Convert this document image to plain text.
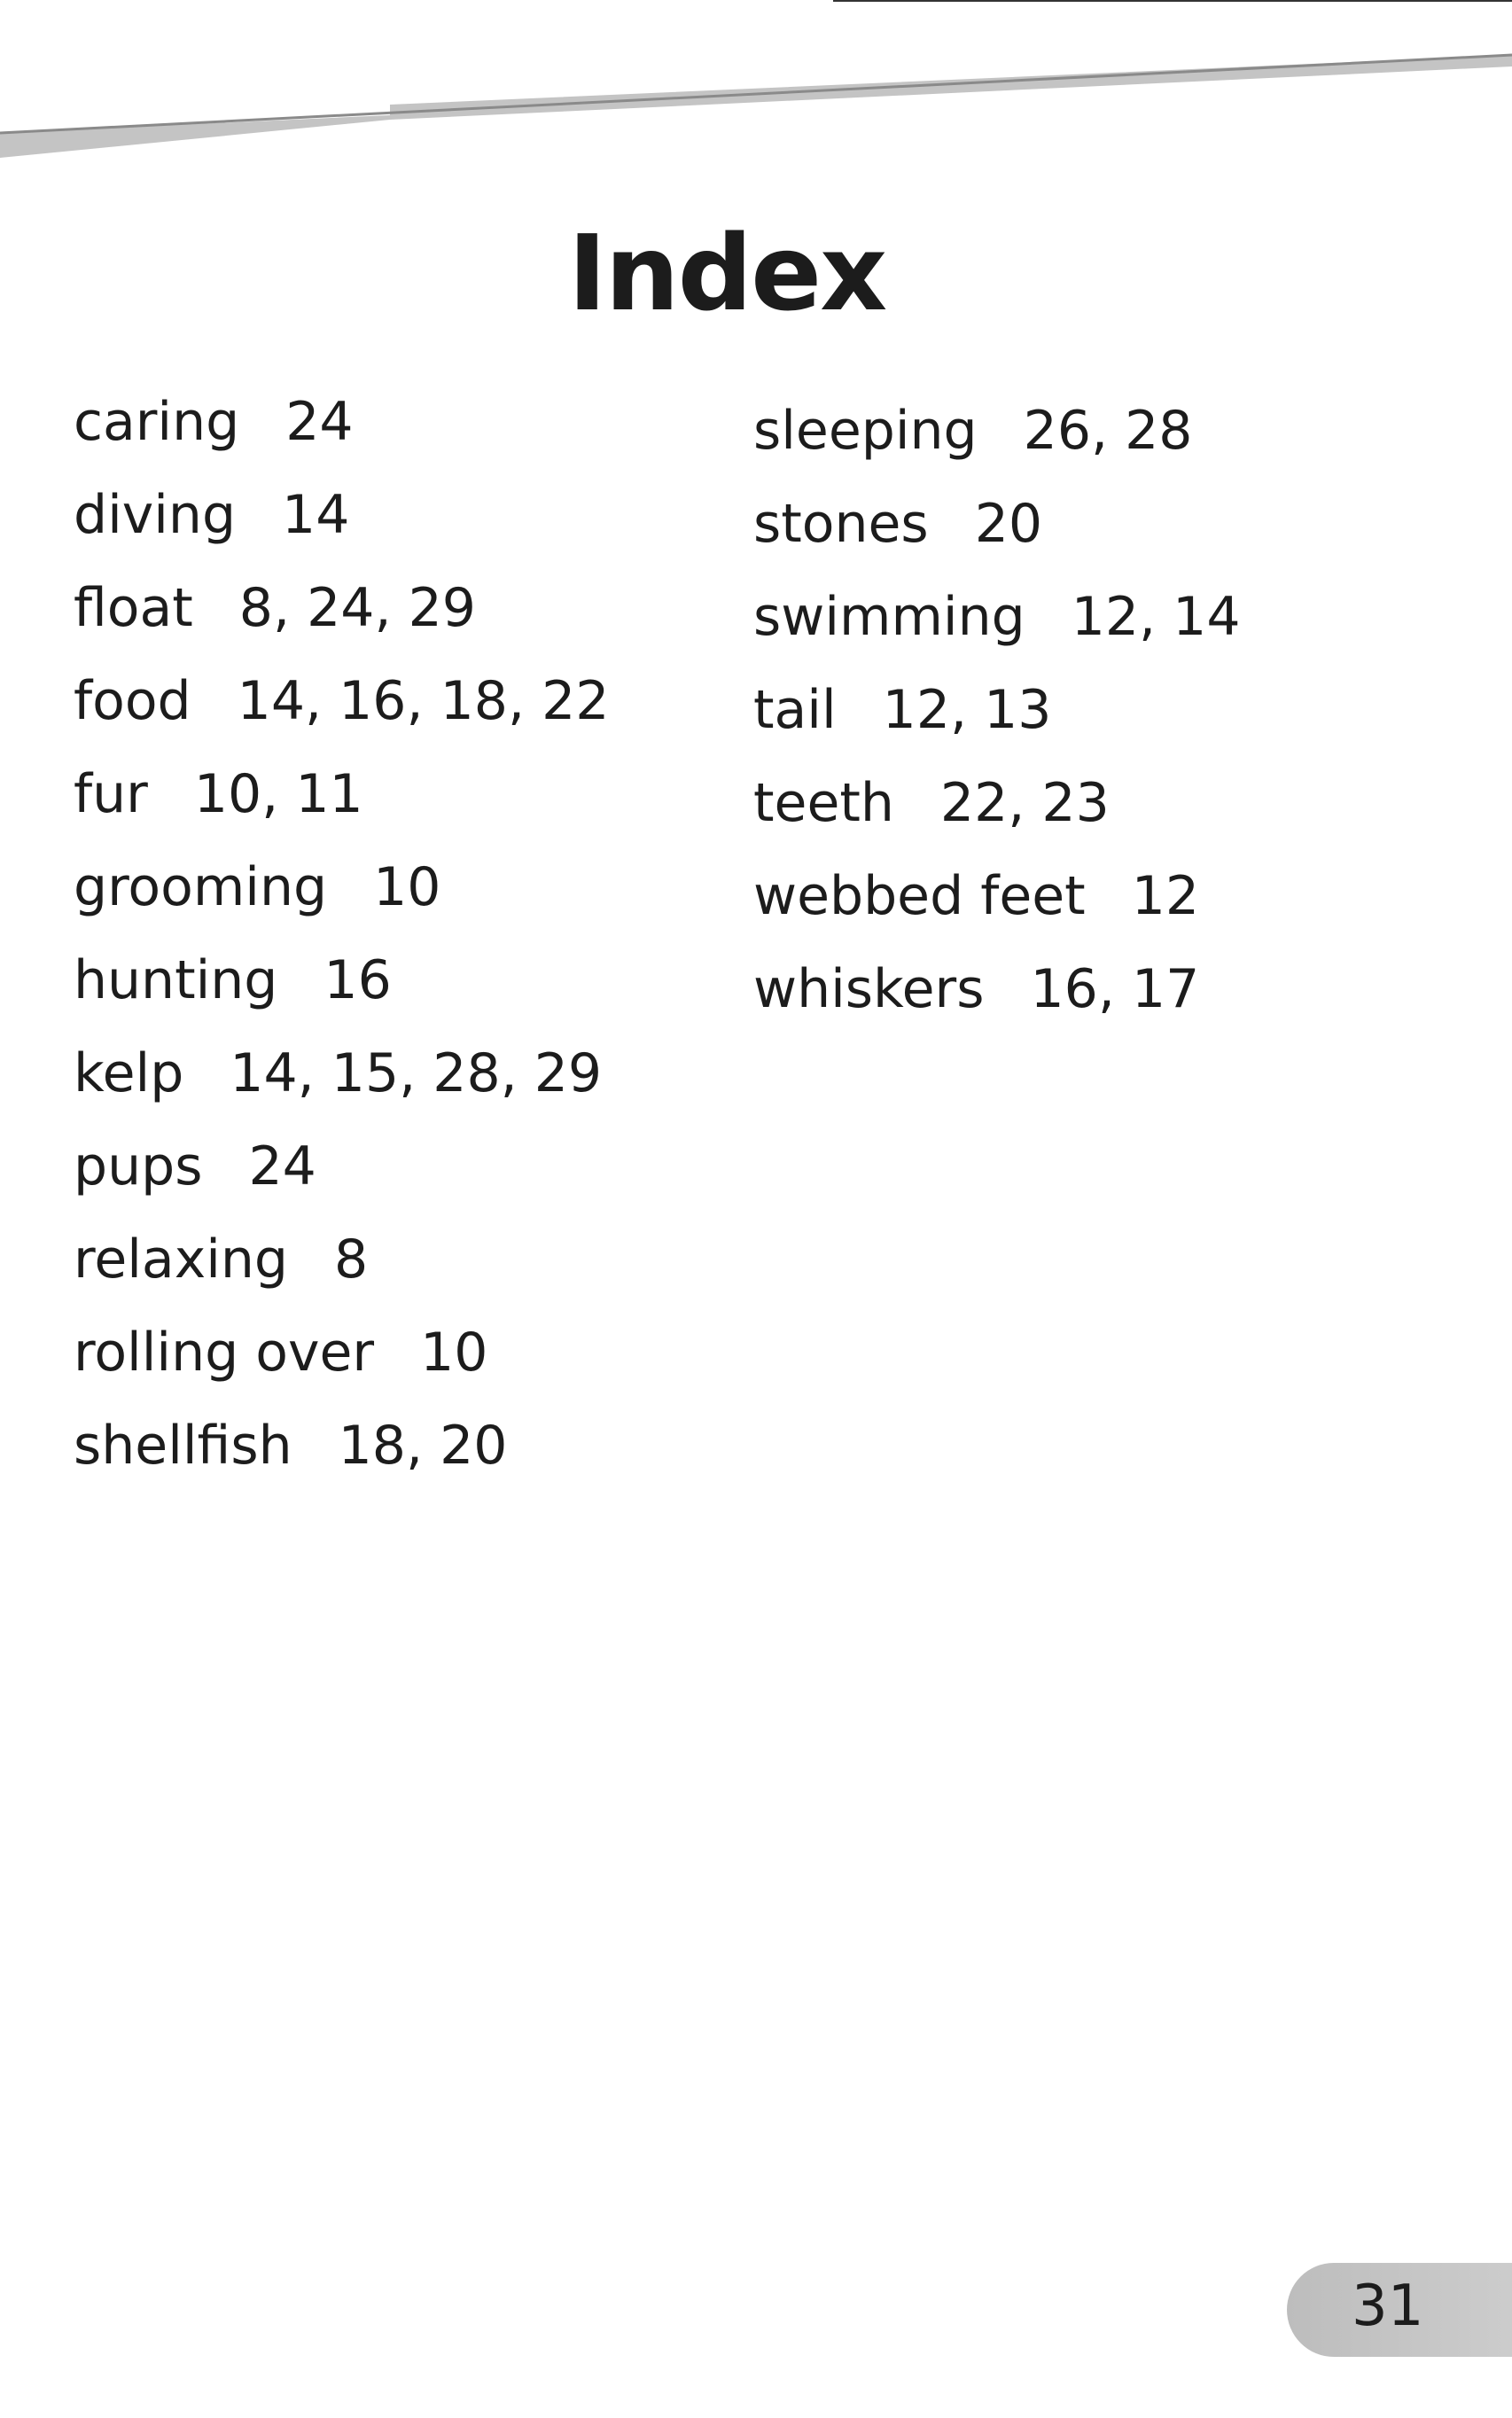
Index
caring 24
diving 14
float 8, 24, 29
food 14, 16, 18, 22
fur 10, 11
grooming 10
hunting 16
kelp 14, 15, 28, 29
pups 24
relaxing 8
rolling over 10
shellfish 18, 20
sleeping 26, 28
stones 20
swimming 12, 14
tail 12, 13
teeth 22, 23
webbed feet 12
whiskers 16, 17
31
